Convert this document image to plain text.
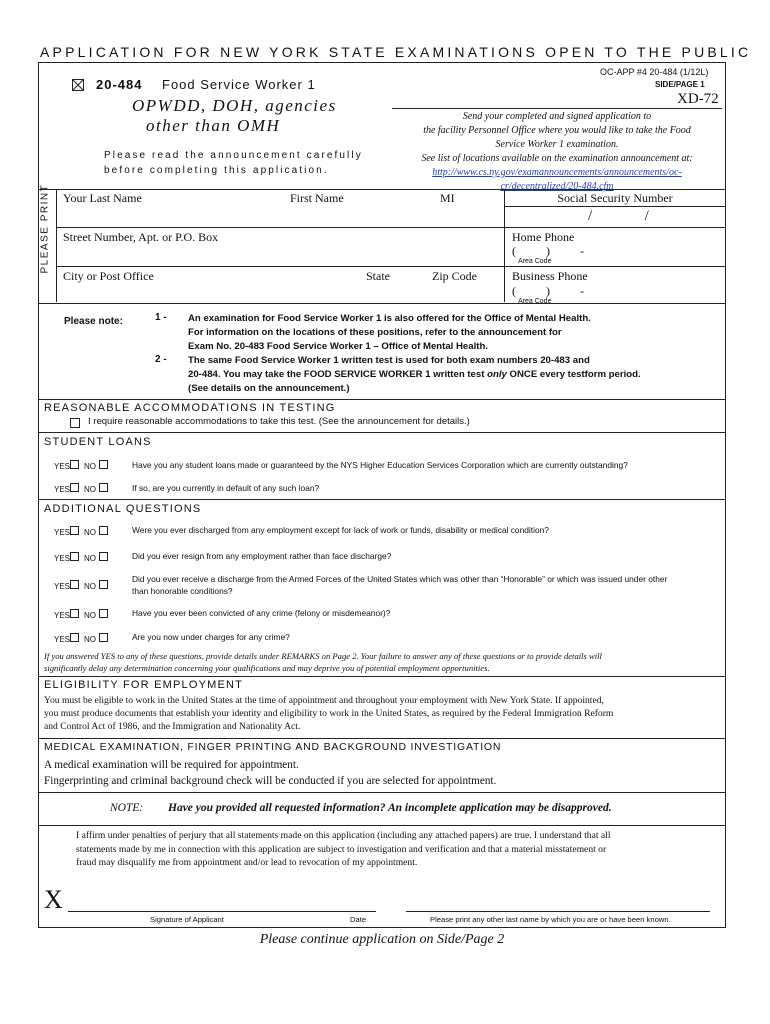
APPLICATION FOR NEW YORK STATE EXAMINATIONS OPEN TO THE PUBLIC
20-484 Food Service Worker 1
OPWDD, DOH, agencies
other than OMH
Please read the announcement carefully
before completing this application.
OC-APP #4 20-484 (1/12L)
SIDE/PAGE 1
XD-72
Send your completed and signed application to
the facility Personnel Office where you would like to take the Food
Service Worker 1 examination.
See list of locations available on the examination announcement at:
http://www.cs.ny.gov/examannouncements/announcements/oc-
cr/decentralized/20-484.cfm
PLEASE PRINT Your Last Name	First Name	MI	Social Security Number
/              /
Street Number, Apt. or P.O. Box	Home Phone
(          )          -
Area Code
City or Post Office	State	Zip Code	Business Phone
(          )          -
Area Code
Please note:	1 - An examination for Food Service Worker 1 is also offered for the Office of Mental Health.
For information on the locations of these positions, refer to the announcement for
Exam No. 20-483 Food Service Worker 1 – Office of Mental Health.
2 - The same Food Service Worker 1 written test is used for both exam numbers 20-483 and
20-484. You may take the FOOD SERVICE WORKER 1 written test only ONCE every testform period.
(See details on the announcement.)
REASONABLE ACCOMMODATIONS IN TESTING
I require reasonable accommodations to take this test. (See the announcement for details.)
STUDENT LOANS
YES NO	Have you any student loans made or guaranteed by the NYS Higher Education Services Corporation which are currently outstanding?
YES NO	If so, are you currently in default of any such loan?
ADDITIONAL QUESTIONS
YES NO	Were you ever discharged from any employment except for lack of work or funds, disability or medical condition?
YES NO	Did you ever resign from any employment rather than face discharge?
YES NO
Did you ever receive a discharge from the Armed Forces of the United States which was other than “Honorable” or which was issued under other
than honorable conditions?
YES NO	Have you ever been convicted of any crime (felony or misdemeanor)?
YES NO	Are you now under charges for any crime?
If you answered YES to any of these questions, provide details under REMARKS on Page 2. Your failure to answer any of these questions or to provide details will
significantly delay any determination concerning your qualifications and may deprive you of potential employment opportunities.
ELIGIBILITY FOR EMPLOYMENT
You must be eligible to work in the United States at the time of appointment and throughout your employment with New York State. If appointed,
you must produce documents that establish your identity and eligibility to work in the United States, as required by the Federal Immigration Reform
and Control Act of 1986, and the Immigration and Nationality Act.
MEDICAL EXAMINATION, FINGER PRINTING AND BACKGROUND INVESTIGATION
A medical examination will be required for appointment.
Fingerprinting and criminal background check will be conducted if you are selected for appointment.
NOTE: Have you provided all requested information? An incomplete application may be disapproved.
I affirm under penalties of perjury that all statements made on this application (including any attached papers) are true. I understand that all
statements made by me in connection with this application are subject to investigation and verification and that a material misstatement or
fraud may disqualify me from appointment and/or lead to revocation of my appointment.
X
Signature of Applicant	Date	Please print any other last name by which you are or have been known.
Please continue application on Side/Page 2
